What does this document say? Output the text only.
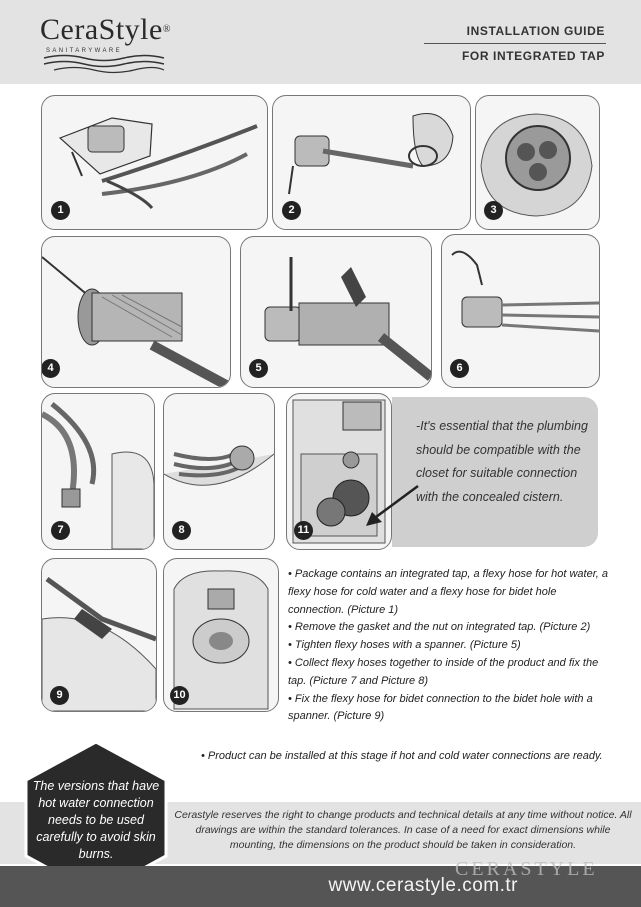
CeraStyle®
SANITARYWARE
INSTALLATION GUIDE
FOR INTEGRATED TAP
1	2	3
4	5	6
7	8	11
-It's essential that the plumbing should be compatible with the closet for suitable connection with the concealed cistern.
9	10

• Package contains an integrated tap, a flexy hose for hot water, a flexy hose for cold water and a flexy hose for bidet hole connection. (Picture 1)

• Remove the gasket and the nut on integrated tap. (Picture 2)

• Tighten flexy hoses with a spanner. (Picture 5)

• Collect flexy hoses together to inside of the product and fix the tap. (Picture 7 and Picture 8)

• Fix the flexy hose for bidet connection to the bidet hole with a spanner. (Picture 9)

• Product can be installed at this stage if hot and cold water connections are ready.
Cerastyle reserves the right to change products and technical details at any time without notice. All drawings are within the standard tolerances. In case of a need for exact dimensions while mounting, the dimensions on the product should be taken in consideration.
The versions that have hot water connection needs to be used carefully to avoid skin burns.
CERASTYLE
www.cerastyle.com.tr
